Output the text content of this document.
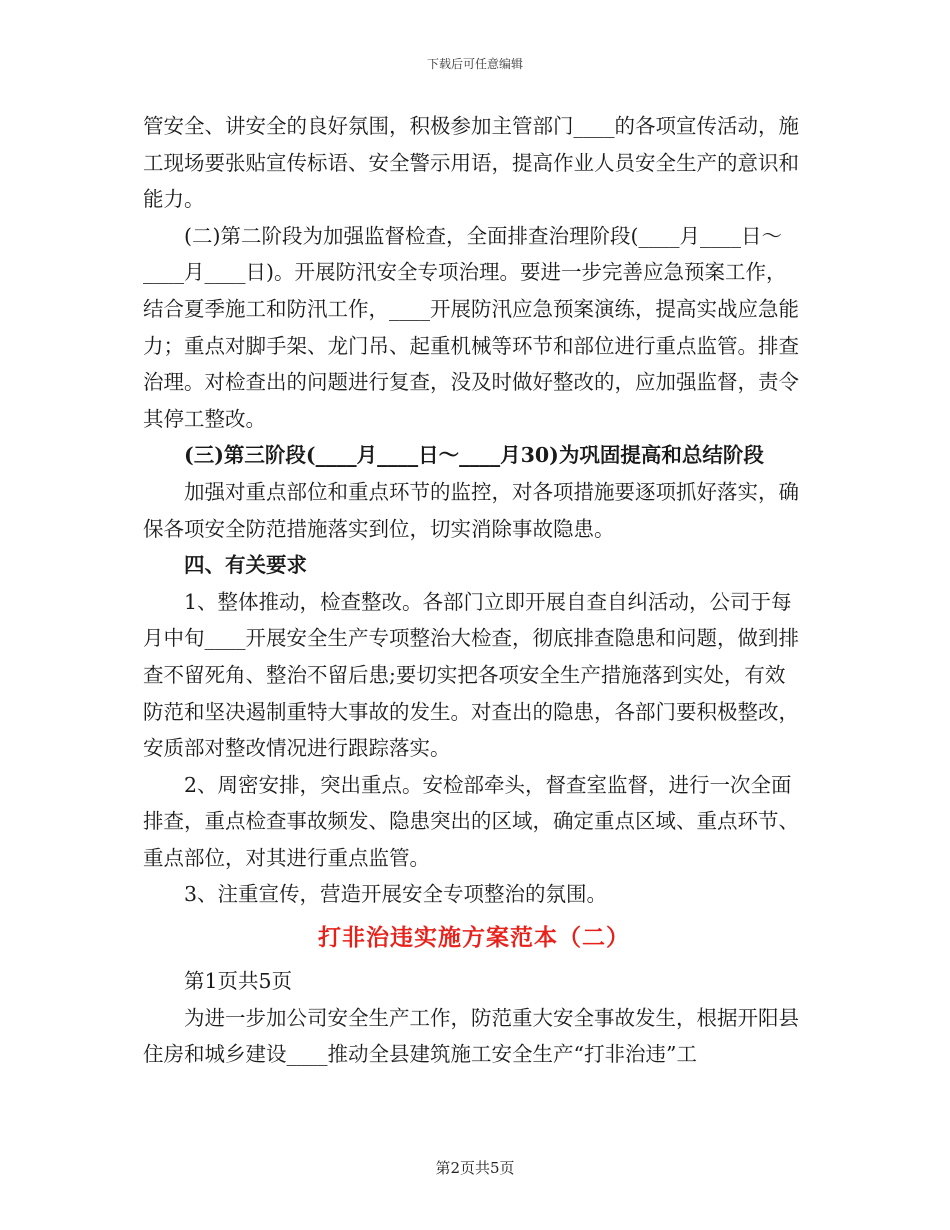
下载后可任意编辑

管安全、讲安全的良好氛围，积极参加主管部门____的各项宣传活动，施工现场要张贴宣传标语、安全警示用语，提高作业人员安全生产的意识和能力。

(二)第二阶段为加强监督检查，全面排查治理阶段(____月____日～____月____日)。开展防汛安全专项治理。要进一步完善应急预案工作，结合夏季施工和防汛工作，____开展防汛应急预案演练，提高实战应急能力；重点对脚手架、龙门吊、起重机械等环节和部位进行重点监管。排查治理。对检查出的问题进行复查，没及时做好整改的，应加强监督，责令其停工整改。

(三)第三阶段(____月____日～____月30)为巩固提高和总结阶段

加强对重点部位和重点环节的监控，对各项措施要逐项抓好落实，确保各项安全防范措施落实到位，切实消除事故隐患。

四、有关要求

1、整体推动，检查整改。各部门立即开展自查自纠活动，公司于每月中旬____开展安全生产专项整治大检查，彻底排查隐患和问题，做到排查不留死角、整治不留后患;要切实把各项安全生产措施落到实处，有效防范和坚决遏制重特大事故的发生。对查出的隐患，各部门要积极整改，安质部对整改情况进行跟踪落实。

2、周密安排，突出重点。安检部牵头，督查室监督，进行一次全面排查，重点检查事故频发、隐患突出的区域，确定重点区域、重点环节、重点部位，对其进行重点监管。

3、注重宣传，营造开展安全专项整治的氛围。

打非治违实施方案范本（二）

第1页共5页

为进一步加公司安全生产工作，防范重大安全事故发生，根据开阳县住房和城乡建设____推动全县建筑施工安全生产“打非治违”工

第2页共5页
